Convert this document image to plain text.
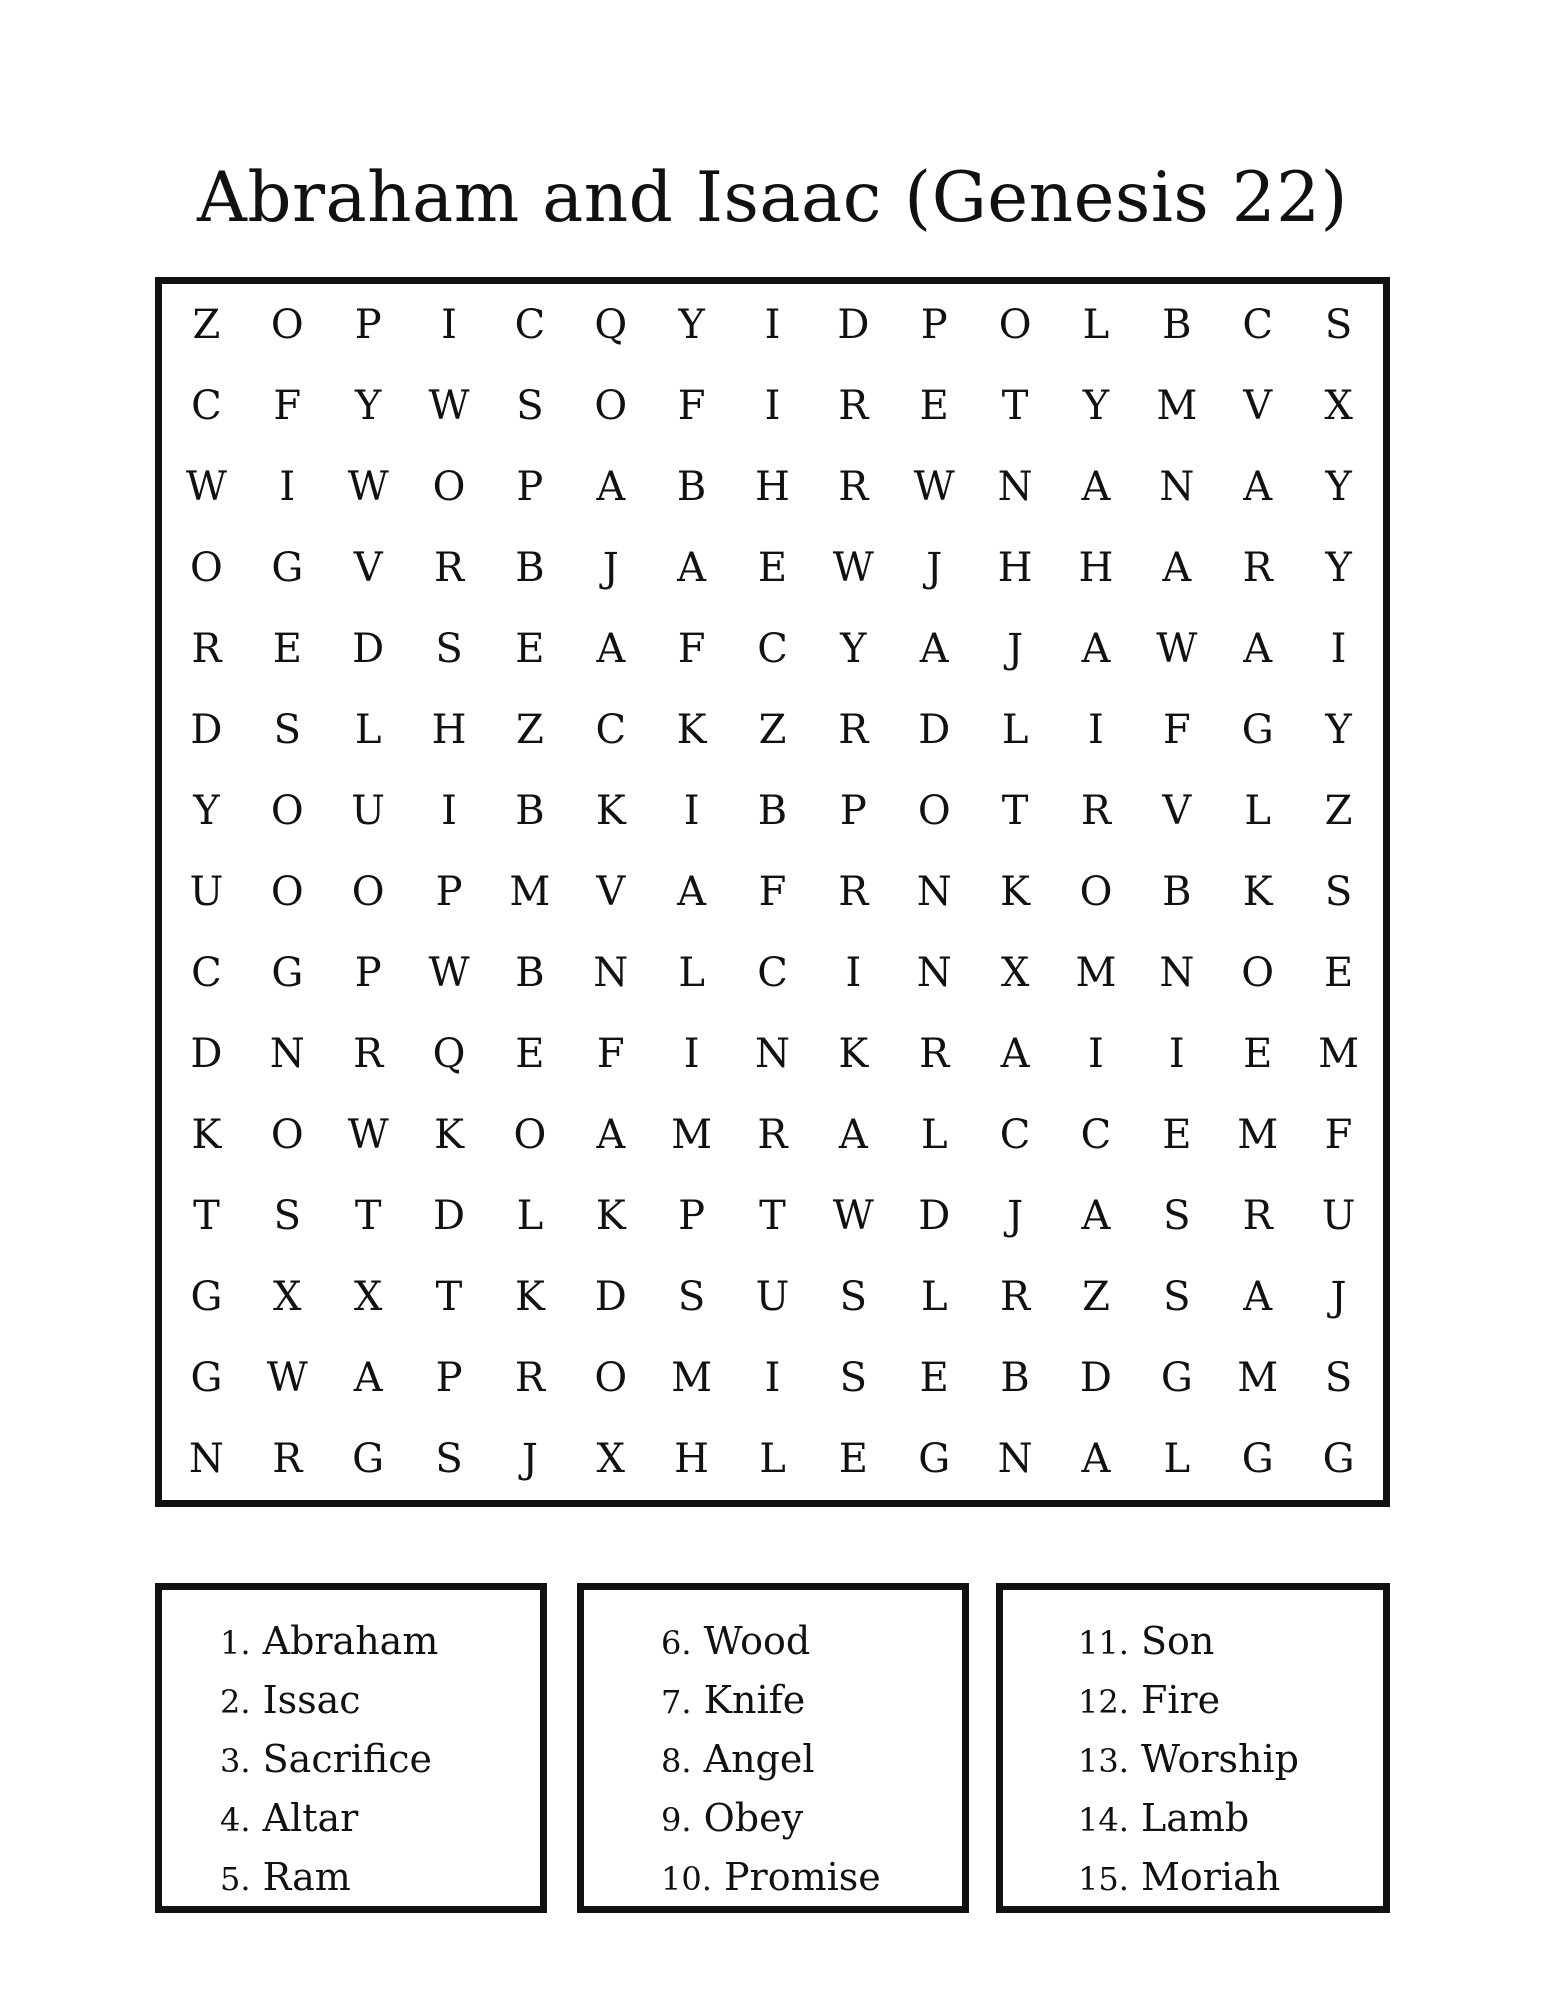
Abraham and Isaac (Genesis 22)
Z	O	P	I	C	Q	Y	I	D	P	O	L	B	C	S
C	F	Y	W	S	O	F	I	R	E	T	Y	M	V	X
W	I	W	O	P	A	B	H	R	W	N	A	N	A	Y
O	G	V	R	B	J	A	E	W	J	H	H	A	R	Y
R	E	D	S	E	A	F	C	Y	A	J	A	W	A	I
D	S	L	H	Z	C	K	Z	R	D	L	I	F	G	Y
Y	O	U	I	B	K	I	B	P	O	T	R	V	L	Z
U	O	O	P	M	V	A	F	R	N	K	O	B	K	S
C	G	P	W	B	N	L	C	I	N	X	M	N	O	E
D	N	R	Q	E	F	I	N	K	R	A	I	I	E	M
K	O	W	K	O	A	M	R	A	L	C	C	E	M	F
T	S	T	D	L	K	P	T	W	D	J	A	S	R	U
G	X	X	T	K	D	S	U	S	L	R	Z	S	A	J
G	W	A	P	R	O	M	I	S	E	B	D	G	M	S
N	R	G	S	J	X	H	L	E	G	N	A	L	G	G
1. Abraham
2. Issac
3. Sacrifice
4. Altar
5. Ram
6. Wood
7. Knife
8. Angel
9. Obey
10. Promise
11. Son
12. Fire
13. Worship
14. Lamb
15. Moriah
